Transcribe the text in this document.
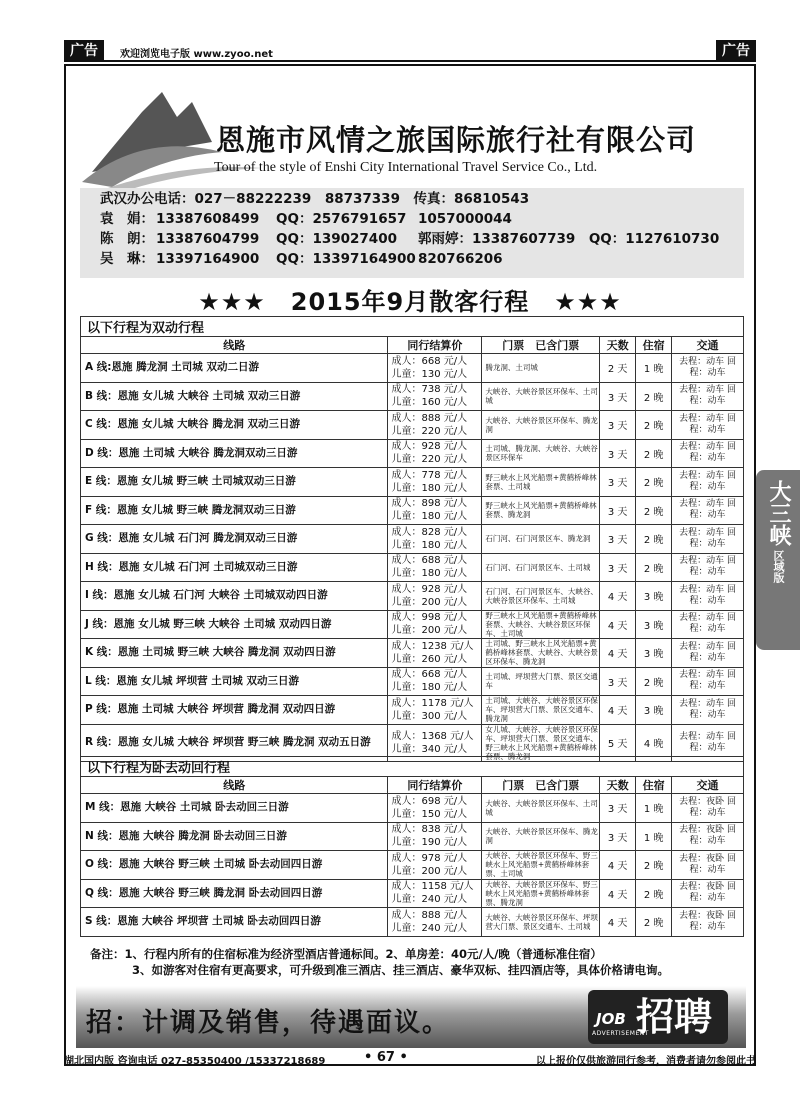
广告	欢迎浏览电子版 www.zyoo.net	广告
大三峡
区域版
恩施市风情之旅国际旅行社有限公司
Tour of the style of Enshi City International Travel Service Co., Ltd.
武汉办公电话：027－88222239　88737339　传真：86810543
袁　娟： 13387608499 QQ：2576791657 1057000044
陈　朗： 13387604799 QQ：139027400 郭雨婷：13387607739　QQ：1127610730
吴　琳： 13397164900 QQ：13397164900 820766206
★★★　2015年9月散客行程　★★★
以下行程为双动行程					
线路	同行结算价	门票　已含门票	天数	住宿	交通
A 线:恩施 腾龙洞 土司城 双动二日游	成人：668 元/人
儿童：130 元/人	腾龙洞、土司城	2 天	1 晚	去程：动车 回程：动车
B 线：恩施 女儿城 大峡谷 土司城 双动三日游	成人：738 元/人
儿童：160 元/人	大峡谷、大峡谷景区环保车、土司城	3 天	2 晚	去程：动车 回程：动车
C 线：恩施 女儿城 大峡谷 腾龙洞 双动三日游	成人：888 元/人
儿童：220 元/人	大峡谷、大峡谷景区环保车、腾龙洞	3 天	2 晚	去程：动车 回程：动车
D 线：恩施 土司城 大峡谷 腾龙洞双动三日游	成人：928 元/人
儿童：220 元/人	土司城、腾龙洞、大峡谷、大峡谷景区环保车	3 天	2 晚	去程：动车 回程：动车
E 线：恩施 女儿城 野三峡 土司城双动三日游	成人：778 元/人
儿童：180 元/人	野三峡水上风光船票+黄鹤桥峰林套票、土司城	3 天	2 晚	去程：动车 回程：动车
F 线：恩施 女儿城 野三峡 腾龙洞双动三日游	成人：898 元/人
儿童：180 元/人	野三峡水上风光船票+黄鹤桥峰林套票、腾龙洞	3 天	2 晚	去程：动车 回程：动车
G 线：恩施 女儿城 石门河 腾龙洞双动三日游	成人：828 元/人
儿童：180 元/人	石门河、石门河景区车、腾龙洞	3 天	2 晚	去程：动车 回程：动车
H 线：恩施 女儿城 石门河 土司城双动三日游	成人：688 元/人
儿童：180 元/人	石门河、石门河景区车、土司城	3 天	2 晚	去程：动车 回程：动车
I 线：恩施 女儿城 石门河 大峡谷 土司城双动四日游	成人：928 元/人
儿童：200 元/人	石门河、石门河景区车、大峡谷、大峡谷景区环保车、土司城	4 天	3 晚	去程：动车 回程：动车
J 线：恩施 女儿城 野三峡 大峡谷 土司城 双动四日游	成人：998 元/人
儿童：200 元/人	野三峡水上风光船票+黄鹤桥峰林套票、大峡谷、大峡谷景区环保车、土司城	4 天	3 晚	去程：动车 回程：动车
K 线：恩施 土司城 野三峡 大峡谷 腾龙洞 双动四日游	成人：1238 元/人
儿童：260 元/人	土司城、野三峡水上风光船票+黄鹤桥峰林套票、大峡谷、大峡谷景区环保车、腾龙洞	4 天	3 晚	去程：动车 回程：动车
L 线：恩施 女儿城 坪坝营 土司城 双动三日游	成人：668 元/人
儿童：180 元/人	土司城、坪坝营大门票、景区交通车	3 天	2 晚	去程：动车 回程：动车
P 线：恩施 土司城 大峡谷 坪坝营 腾龙洞 双动四日游	成人：1178 元/人
儿童：300 元/人	土司城、大峡谷、大峡谷景区环保车、坪坝营大门票、景区交通车、腾龙洞	4 天	3 晚	去程：动车 回程：动车
R 线：恩施 女儿城 大峡谷 坪坝营 野三峡 腾龙洞 双动五日游	成人：1368 元/人
儿童：340 元/人	女儿城、大峡谷、大峡谷景区环保车、坪坝营大门票、景区交通车、野三峡水上风光船票+黄鹤桥峰林套票、腾龙洞	5 天	4 晚	去程：动车 回程：动车
以下行程为卧去动回行程					
线路	同行结算价	门票　已含门票	天数	住宿	交通
M 线：恩施 大峡谷 土司城 卧去动回三日游	成人：698 元/人
儿童：150 元/人	大峡谷、大峡谷景区环保车、土司城	3 天	1 晚	去程：夜卧 回程：动车
N 线：恩施 大峡谷 腾龙洞 卧去动回三日游	成人：838 元/人
儿童：190 元/人	大峡谷、大峡谷景区环保车、腾龙洞	3 天	1 晚	去程：夜卧 回程：动车
O 线：恩施 大峡谷 野三峡 土司城 卧去动回四日游	成人：978 元/人
儿童：200 元/人	大峡谷、大峡谷景区环保车、野三峡水上风光船票+黄鹤桥峰林套票、土司城	4 天	2 晚	去程：夜卧 回程：动车
Q 线：恩施 大峡谷 野三峡 腾龙洞 卧去动回四日游	成人：1158 元/人
儿童：240 元/人	大峡谷、大峡谷景区环保车、野三峡水上风光船票+黄鹤桥峰林套票、腾龙洞	4 天	2 晚	去程：夜卧 回程：动车
S 线：恩施 大峡谷 坪坝营 土司城 卧去动回四日游	成人：888 元/人
儿童：240 元/人	大峡谷、大峡谷景区环保车、坪坝营大门票、景区交通车、土司城	4 天	2 晚	去程：夜卧 回程：动车
备注：1、行程内所有的住宿标准为经济型酒店普通标间。2、单房差：40元/人/晚（普通标准住宿）
3、如游客对住宿有更高要求，可升级到准三酒店、挂三酒店、豪华双标、挂四酒店等，具体价格请电询。
招：计调及销售，待遇面议。	JOB 招聘
ADVERTISEMENT
湖北国内版 咨询电话 027-85350400 /15337218689	• 67 •	以上报价仅供旅游同行参考，消费者请勿参阅此书
